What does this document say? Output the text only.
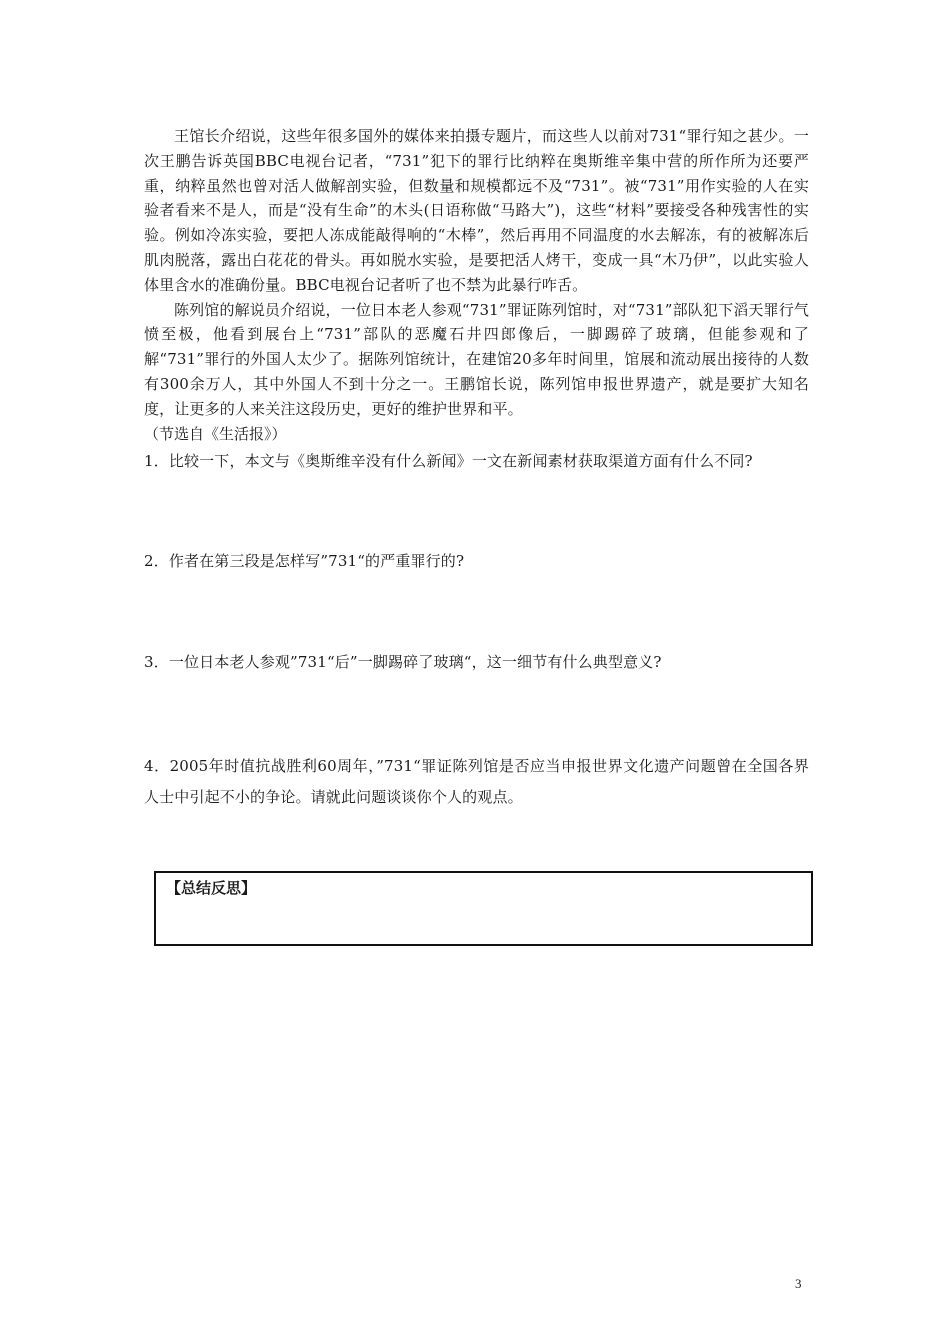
王馆长介绍说，这些年很多国外的媒体来拍摄专题片，而这些人以前对731“罪行知之甚少。一次王鹏告诉英国BBC电视台记者，“731”犯下的罪行比纳粹在奥斯维辛集中营的所作所为还要严重，纳粹虽然也曾对活人做解剖实验，但数量和规模都远不及“731”。被“731”用作实验的人在实验者看来不是人，而是“没有生命”的木头(日语称做“马路大”)，这些“材料”要接受各种残害性的实验。例如冷冻实验，要把人冻成能敲得响的“木棒”，然后再用不同温度的水去解冻，有的被解冻后肌肉脱落，露出白花花的骨头。再如脱水实验，是要把活人烤干，变成一具“木乃伊”，以此实验人体里含水的准确份量。BBC电视台记者听了也不禁为此暴行咋舌。

陈列馆的解说员介绍说，一位日本老人参观“731”罪证陈列馆时，对“731”部队犯下滔天罪行气愤至极，他看到展台上“731”部队的恶魔石井四郎像后，一脚踢碎了玻璃，但能参观和了解“731”罪行的外国人太少了。据陈列馆统计，在建馆20多年时间里，馆展和流动展出接待的人数有300余万人，其中外国人不到十分之一。王鹏馆长说，陈列馆申报世界遗产，就是要扩大知名度，让更多的人来关注这段历史，更好的维护世界和平。

（节选自《生活报》）

1．比较一下，本文与《奥斯维辛没有什么新闻》一文在新闻素材获取渠道方面有什么不同?

2．作者在第三段是怎样写”731“的严重罪行的?

3．一位日本老人参观”731“后”一脚踢碎了玻璃“，这一细节有什么典型意义?

4．2005年时值抗战胜利60周年，”731“罪证陈列馆是否应当申报世界文化遗产问题曾在全国各界人士中引起不小的争论。请就此问题谈谈你个人的观点。

【总结反思】
3
